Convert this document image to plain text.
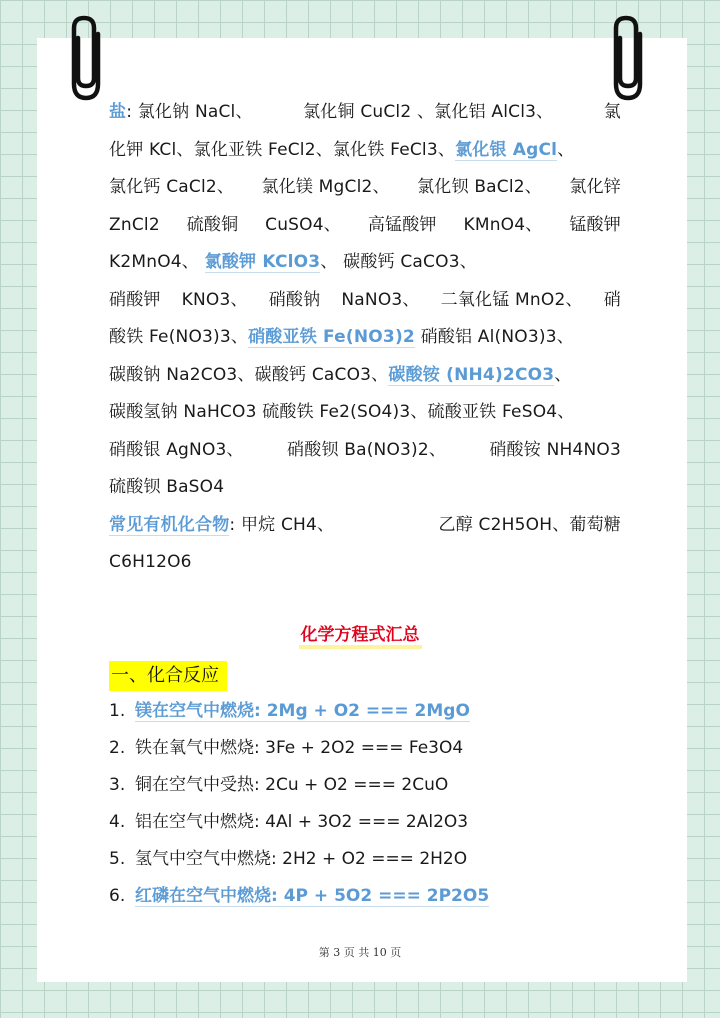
盐: 氯化钠 NaCl、	氯化铜 CuCl2 、氯化铝 AlCl3、	氯
化钾 KCl、氯化亚铁 FeCl2、氯化铁 FeCl3、氯化银 AgCl、
氯化钙 CaCl2、 氯化镁 MgCl2、 氯化钡 BaCl2、 氯化锌
ZnCl2 硫酸铜 CuSO4、 高锰酸钾 KMnO4、 锰酸钾
K2MnO4、 氯酸钾 KClO3、 碳酸钙 CaCO3、
硝酸钾 KNO3、 硝酸钠 NaNO3、 二氧化锰 MnO2、 硝
酸铁 Fe(NO3)3、硝酸亚铁 Fe(NO3)2 硝酸铝 Al(NO3)3、
碳酸钠 Na2CO3、碳酸钙 CaCO3、碳酸铵 (NH4)2CO3、
碳酸氢钠 NaHCO3 硫酸铁 Fe2(SO4)3、硫酸亚铁 FeSO4、
硝酸银 AgNO3、	硝酸钡 Ba(NO3)2、	硝酸铵 NH4NO3
硫酸钡 BaSO4
常见有机化合物: 甲烷 CH4、	乙醇 C2H5OH、葡萄糖
C6H12O6
化学方程式汇总
一、化合反应
1. 镁在空气中燃烧: 2Mg + O2 === 2MgO
2. 铁在氧气中燃烧: 3Fe + 2O2 === Fe3O4
3. 铜在空气中受热: 2Cu + O2 === 2CuO
4. 铝在空气中燃烧: 4Al + 3O2 === 2Al2O3
5. 氢气中空气中燃烧: 2H2 + O2 === 2H2O
6. 红磷在空气中燃烧: 4P + 5O2 === 2P2O5
第 3 页 共 10 页
